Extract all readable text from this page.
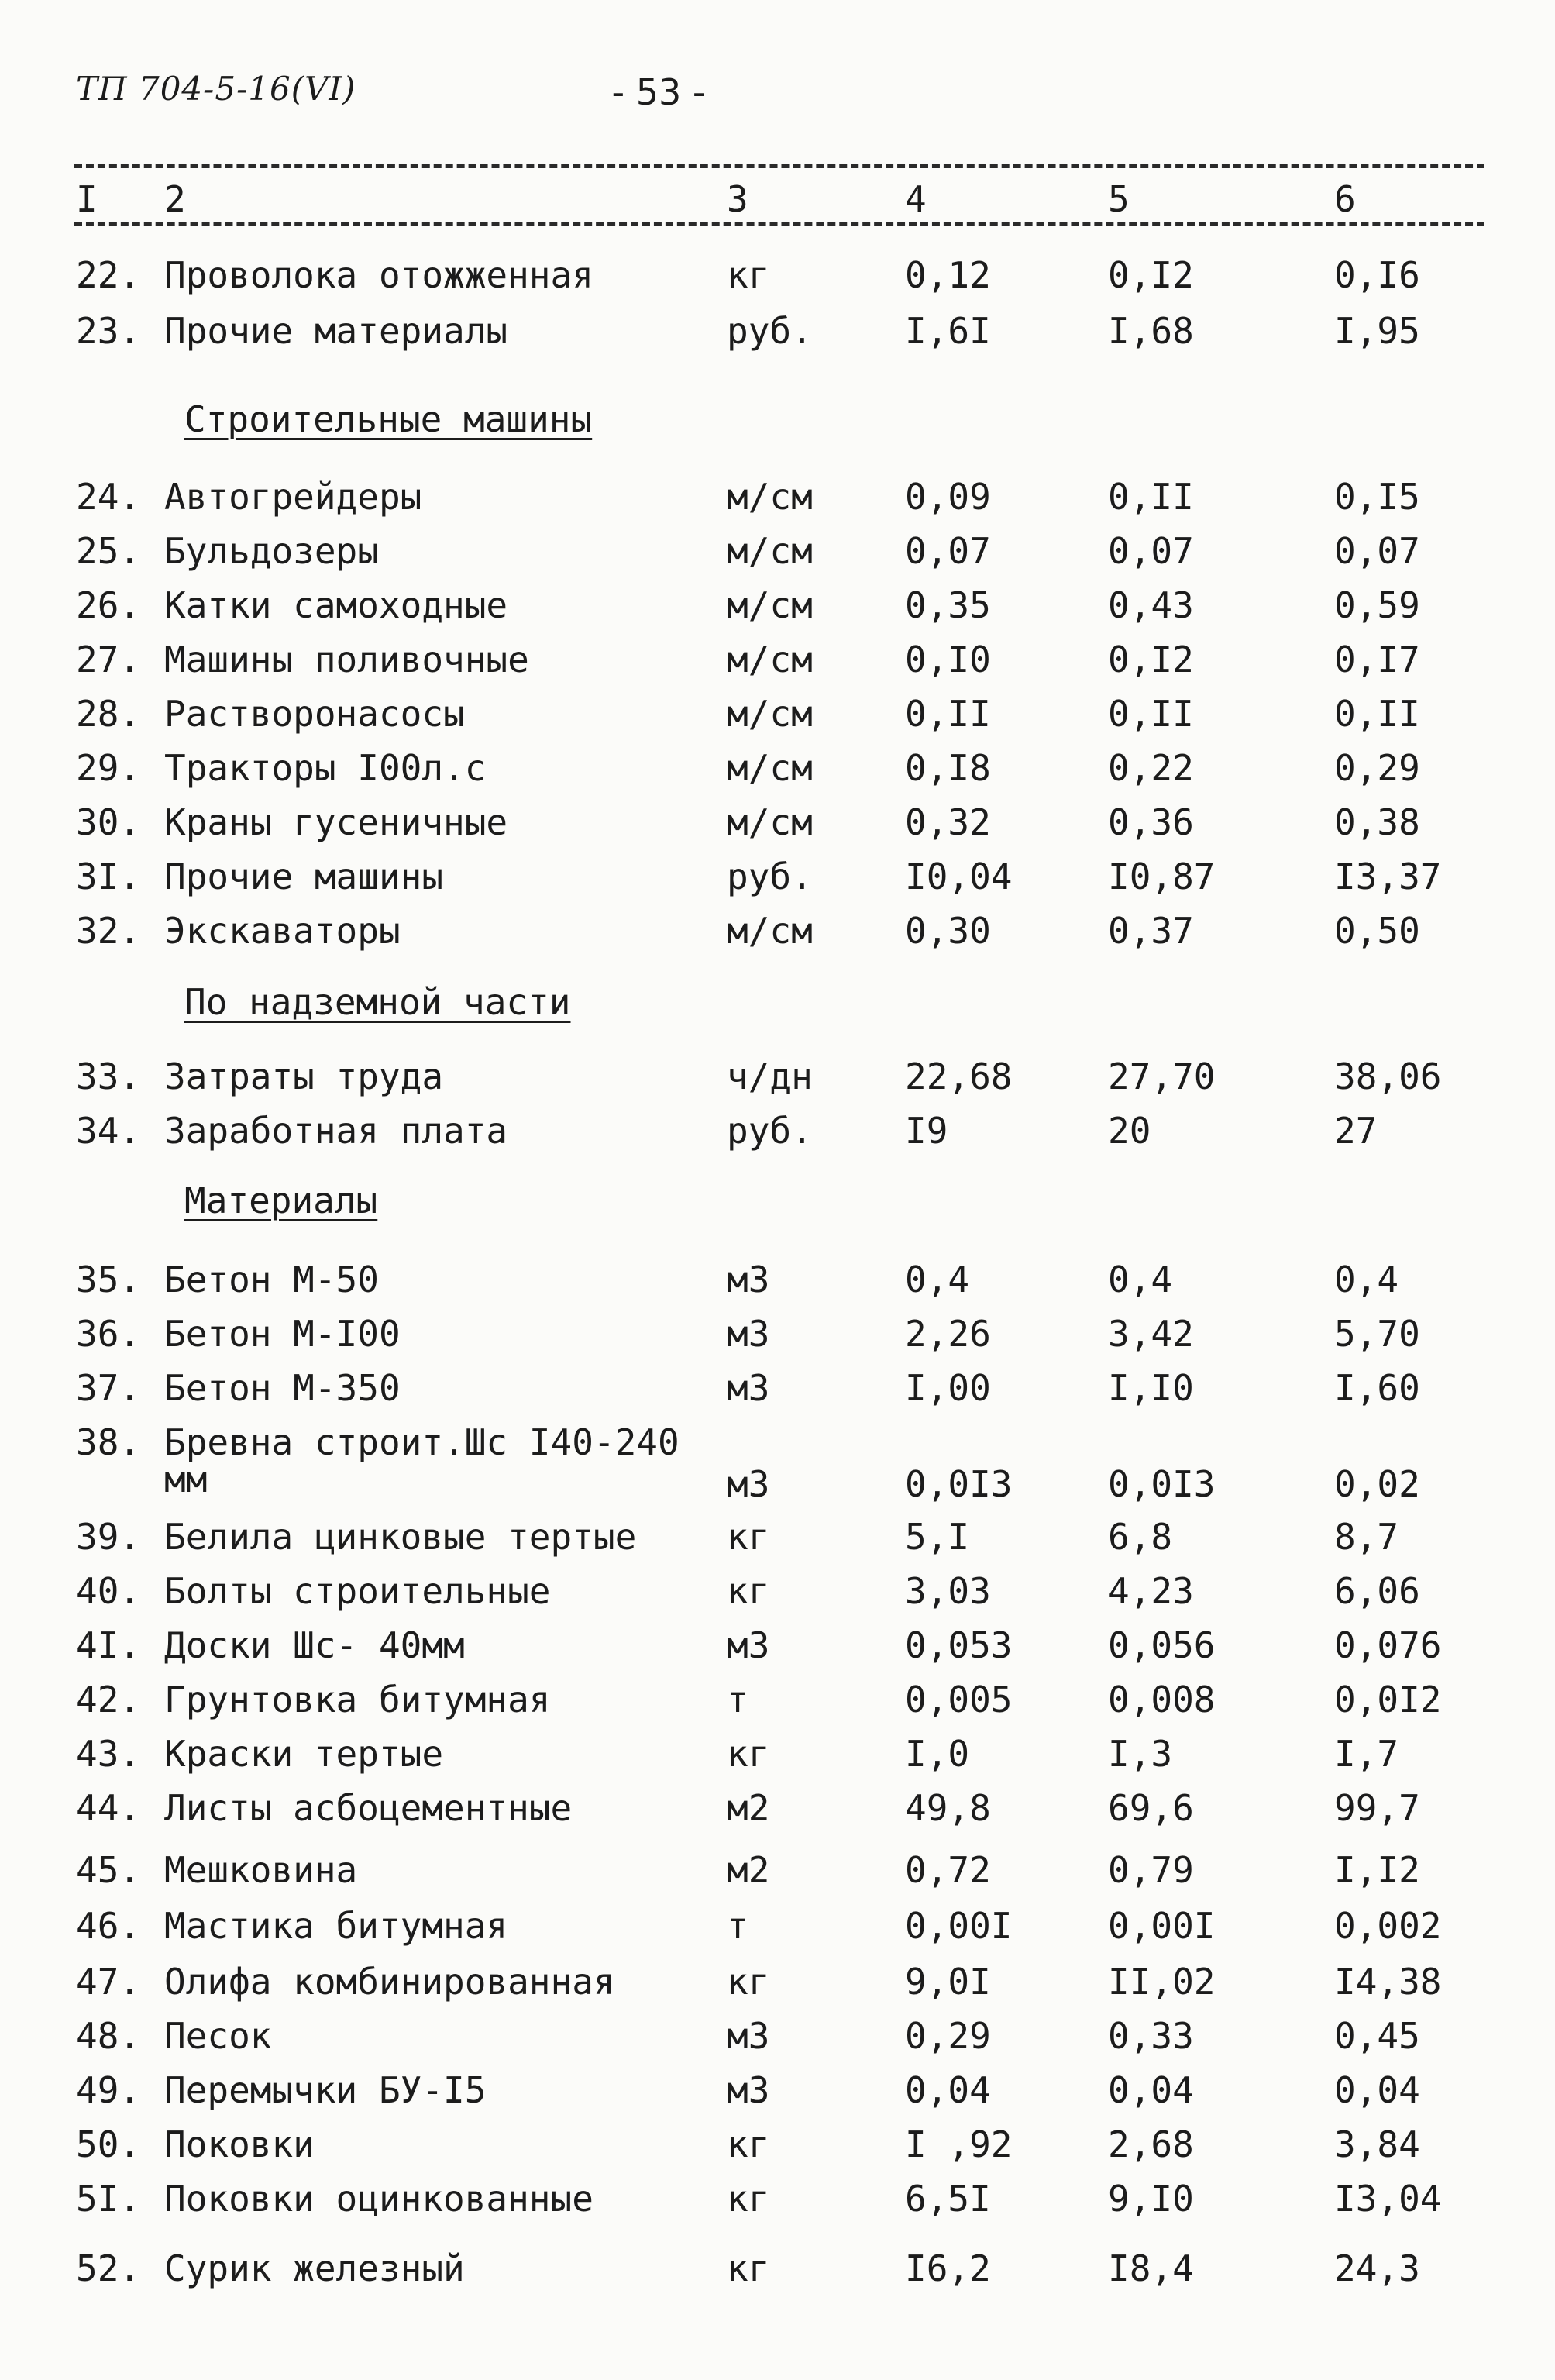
ТП 704-5-16(VI)	- 53 -
I 2	3	4	5	6
22. Проволока отожженная	кг	0,12	0,I2	0,I6
23. Прочие материалы	руб.	I,6I	I,68	I,95
Строительные машины
24. Автогрейдеры	м/см	0,09	0,II	0,I5
25. Бульдозеры	м/см	0,07	0,07	0,07
26. Катки самоходные	м/см	0,35	0,43	0,59
27. Машины поливочные	м/см	0,I0	0,I2	0,I7
28. Растворонасосы	м/см	0,II	0,II	0,II
29. Тракторы I00л.с	м/см	0,I8	0,22	0,29
30. Краны гусеничные	м/см	0,32	0,36	0,38
3I. Прочие машины	руб.	I0,04	I0,87	I3,37
32. Экскаваторы	м/см	0,30	0,37	0,50
По надземной части
33. Затраты труда	ч/дн	22,68	27,70	38,06
34. Заработная плата	руб.	I9	20	27
Материалы
35. Бетон М-50	м3	0,4	0,4	0,4
36. Бетон М-I00	м3	2,26	3,42	5,70
37. Бетон М-350	м3	I,00	I,I0	I,60
38. Бревна строит.Шс I40-240
мм	м3	0,0I3	0,0I3	0,02
39. Белила цинковые тертые	кг	5,I	6,8	8,7
40. Болты строительные	кг	3,03	4,23	6,06
4I. Доски Шс- 40мм	м3	0,053	0,056	0,076
42. Грунтовка битумная	т	0,005	0,008	0,0I2
43. Краски тертые	кг	I,0	I,3	I,7
44. Листы асбоцементные	м2	49,8	69,6	99,7
45. Мешковина	м2	0,72	0,79	I,I2
46. Мастика битумная	т	0,00I	0,00I	0,002
47. Олифа комбинированная	кг	9,0I	II,02	I4,38
48. Песок	м3	0,29	0,33	0,45
49. Перемычки БУ-I5	м3	0,04	0,04	0,04
50. Поковки	кг	I ,92	2,68	3,84
5I. Поковки оцинкованные	кг	6,5I	9,I0	I3,04
52. Сурик железный	кг	I6,2	I8,4	24,3
